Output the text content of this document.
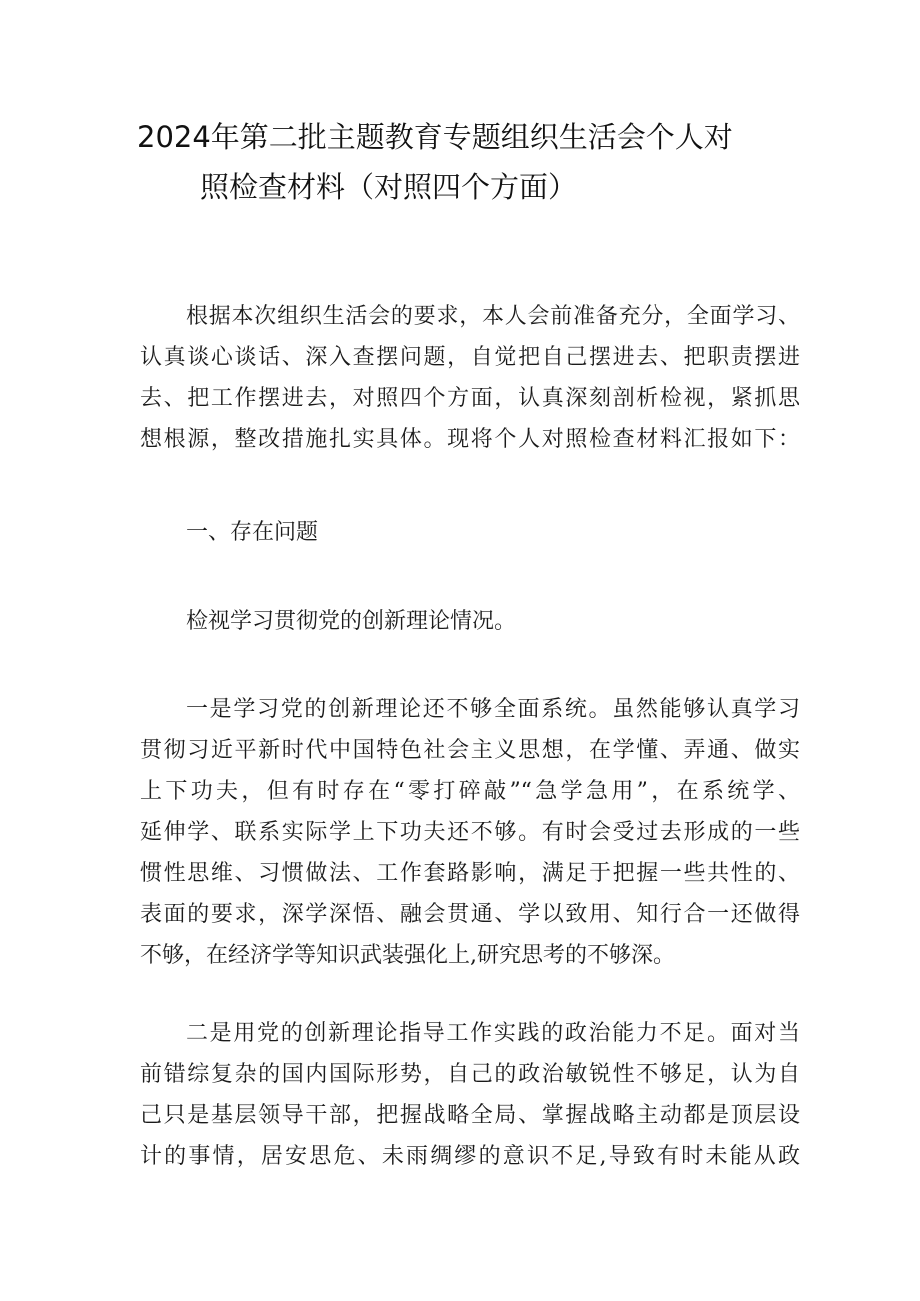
2024年第二批主题教育专题组织生活会个人对
照检查材料（对照四个方面）
根据本次组织生活会的要求，本人会前准备充分，全面学习、
认真谈心谈话、深入查摆问题，自觉把自己摆进去、把职责摆进
去、把工作摆进去，对照四个方面，认真深刻剖析检视，紧抓思
想根源，整改措施扎实具体。现将个人对照检查材料汇报如下：
一、存在问题
检视学习贯彻党的创新理论情况。
一是学习党的创新理论还不够全面系统。虽然能够认真学习
贯彻习近平新时代中国特色社会主义思想，在学懂、弄通、做实
上下功夫，但有时存在“零打碎敲”“急学急用”，在系统学、
延伸学、联系实际学上下功夫还不够。有时会受过去形成的一些
惯性思维、习惯做法、工作套路影响，满足于把握一些共性的、
表面的要求，深学深悟、融会贯通、学以致用、知行合一还做得
不够，在经济学等知识武装强化上,研究思考的不够深。
二是用党的创新理论指导工作实践的政治能力不足。面对当
前错综复杂的国内国际形势，自己的政治敏锐性不够足，认为自
己只是基层领导干部，把握战略全局、掌握战略主动都是顶层设
计的事情，居安思危、未雨绸缪的意识不足,导致有时未能从政
